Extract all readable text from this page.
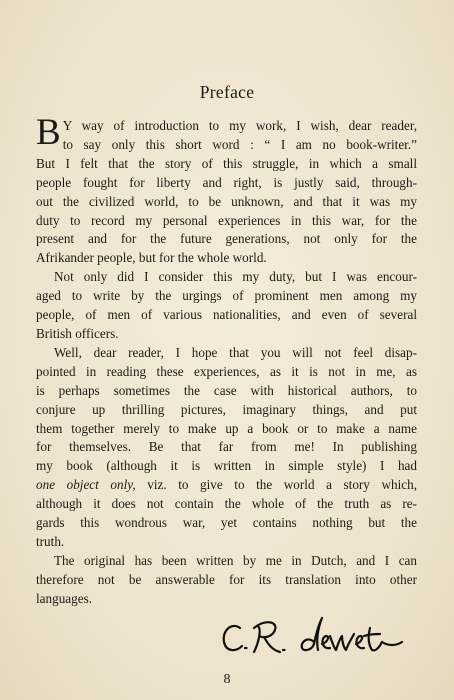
Preface
B Y way of introduction to my work, I wish, dear reader,
to say only this short word : “ I am no book-writer.”
But I felt that the story of this struggle, in which a small
people fought for liberty and right, is justly said, through-
out the civilized world, to be unknown, and that it was my
duty to record my personal experiences in this war, for the
present and for the future generations, not only for the
Afrikander people, but for the whole world.
Not only did I consider this my duty, but I was encour-
aged to write by the urgings of prominent men among my
people, of men of various nationalities, and even of several
British officers.
Well, dear reader, I hope that you will not feel disap-
pointed in reading these experiences, as it is not in me, as
is perhaps sometimes the case with historical authors, to
conjure up thrilling pictures, imaginary things, and put
them together merely to make up a book or to make a name
for themselves. Be that far from me! In publishing
my book (although it is written in simple style) I had
one object only, viz. to give to the world a story which,
although it does not contain the whole of the truth as re-
gards this wondrous war, yet contains nothing but the
truth.
The original has been written by me in Dutch, and I can
therefore not be answerable for its translation into other
languages.
8
